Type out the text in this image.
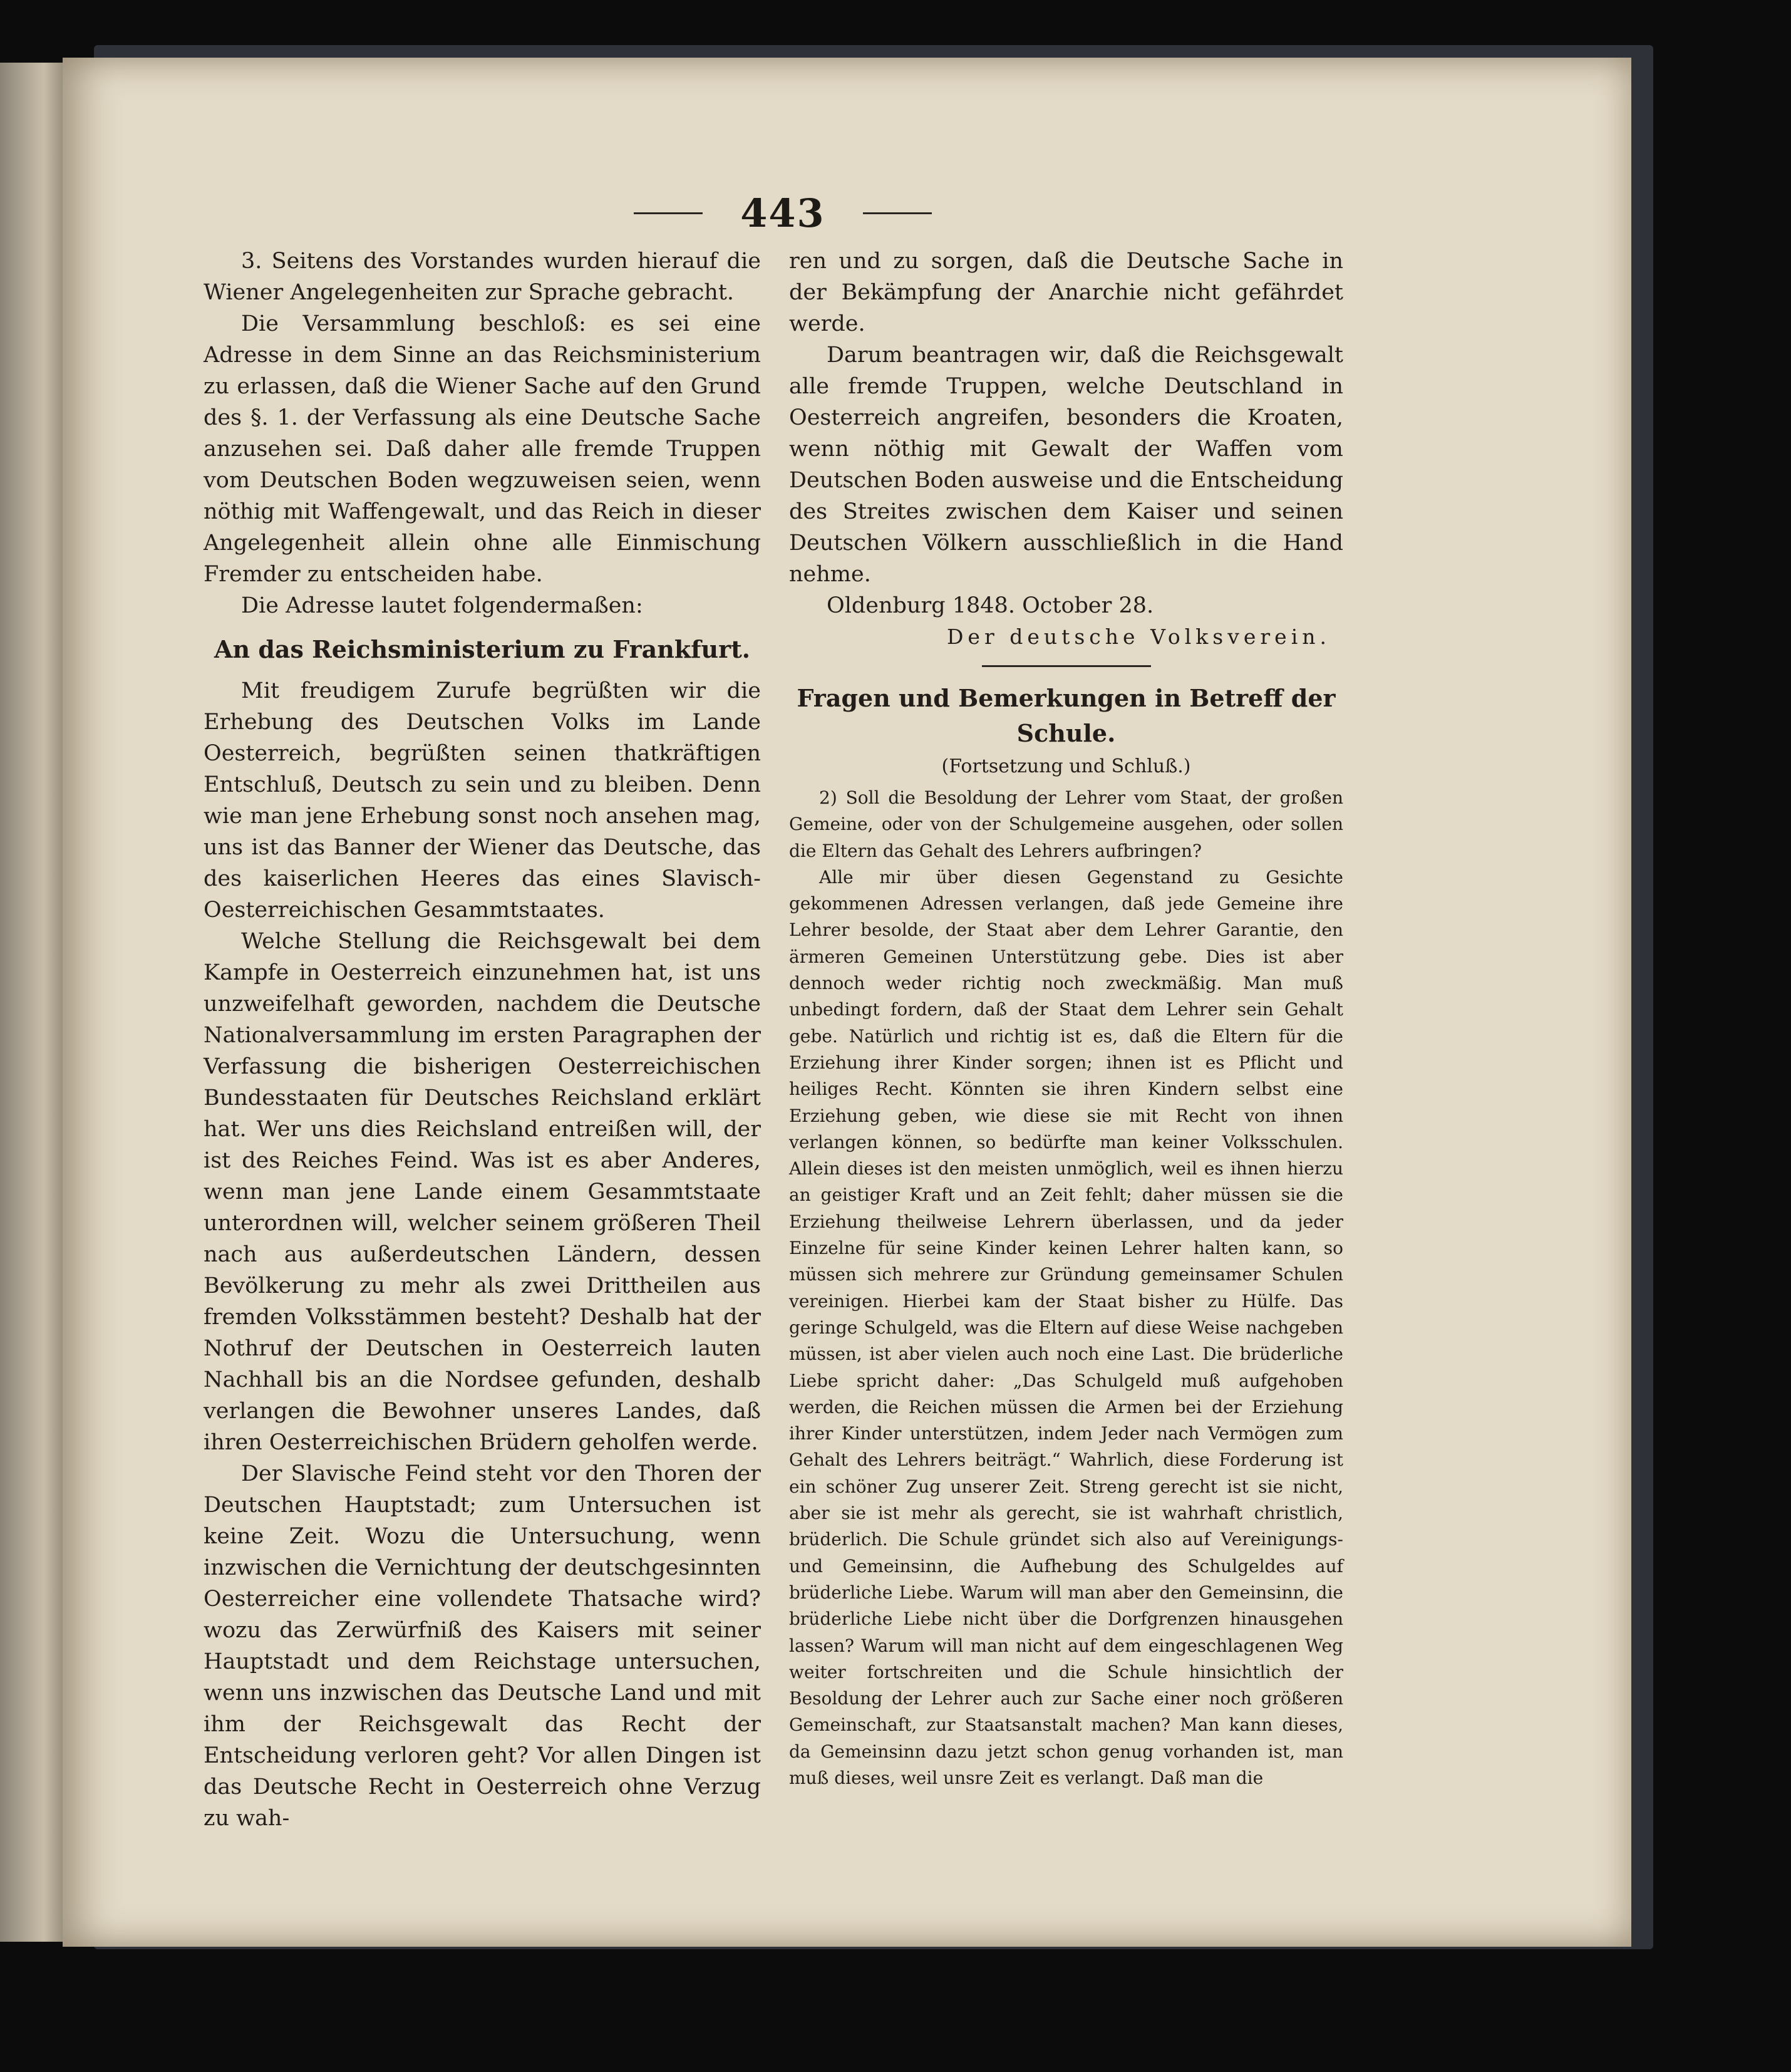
443

3. Seitens des Vorstandes wurden hierauf die Wiener Angelegenheiten zur Sprache gebracht.

Die Versammlung beschloß: es sei eine Adresse in dem Sinne an das Reichsministerium zu erlassen, daß die Wiener Sache auf den Grund des §. 1. der Verfassung als eine Deutsche Sache anzusehen sei. Daß daher alle fremde Truppen vom Deutschen Boden wegzuweisen seien, wenn nöthig mit Waffengewalt, und das Reich in dieser Angelegenheit allein ohne alle Einmischung Fremder zu entscheiden habe.

Die Adresse lautet folgendermaßen:

An das Reichsministerium zu Frankfurt.

Mit freudigem Zurufe begrüßten wir die Erhebung des Deutschen Volks im Lande Oesterreich, begrüßten seinen thatkräftigen Entschluß, Deutsch zu sein und zu bleiben. Denn wie man jene Erhebung sonst noch ansehen mag, uns ist das Banner der Wiener das Deutsche, das des kaiserlichen Heeres das eines Slavisch-Oesterreichischen Gesammtstaates.

Welche Stellung die Reichsgewalt bei dem Kampfe in Oesterreich einzunehmen hat, ist uns unzweifelhaft geworden, nachdem die Deutsche Nationalversammlung im ersten Paragraphen der Verfassung die bisherigen Oesterreichischen Bundesstaaten für Deutsches Reichsland erklärt hat. Wer uns dies Reichsland entreißen will, der ist des Reiches Feind. Was ist es aber Anderes, wenn man jene Lande einem Gesammtstaate unterordnen will, welcher seinem größeren Theil nach aus außerdeutschen Ländern, dessen Bevölkerung zu mehr als zwei Drittheilen aus fremden Volksstämmen besteht? Deshalb hat der Nothruf der Deutschen in Oesterreich lauten Nachhall bis an die Nordsee gefunden, deshalb verlangen die Bewohner unseres Landes, daß ihren Oesterreichischen Brüdern geholfen werde.

Der Slavische Feind steht vor den Thoren der Deutschen Hauptstadt; zum Untersuchen ist keine Zeit. Wozu die Untersuchung, wenn inzwischen die Vernichtung der deutschgesinnten Oesterreicher eine vollendete Thatsache wird? wozu das Zerwürfniß des Kaisers mit seiner Hauptstadt und dem Reichstage untersuchen, wenn uns inzwischen das Deutsche Land und mit ihm der Reichsgewalt das Recht der Entscheidung verloren geht? Vor allen Dingen ist das Deutsche Recht in Oesterreich ohne Verzug zu wah-

ren und zu sorgen, daß die Deutsche Sache in der Bekämpfung der Anarchie nicht gefährdet werde.

Darum beantragen wir, daß die Reichsgewalt alle fremde Truppen, welche Deutschland in Oesterreich angreifen, besonders die Kroaten, wenn nöthig mit Gewalt der Waffen vom Deutschen Boden ausweise und die Entscheidung des Streites zwischen dem Kaiser und seinen Deutschen Völkern ausschließlich in die Hand nehme.

Oldenburg 1848. October 28.

Der deutsche Volksverein.

Fragen und Bemerkungen in Betreff der Schule.

(Fortsetzung und Schluß.)

2) Soll die Besoldung der Lehrer vom Staat, der großen Gemeine, oder von der Schulgemeine ausgehen, oder sollen die Eltern das Gehalt des Lehrers aufbringen?

Alle mir über diesen Gegenstand zu Gesichte gekommenen Adressen verlangen, daß jede Gemeine ihre Lehrer besolde, der Staat aber dem Lehrer Garantie, den ärmeren Gemeinen Unterstützung gebe. Dies ist aber dennoch weder richtig noch zweckmäßig. Man muß unbedingt fordern, daß der Staat dem Lehrer sein Gehalt gebe. Natürlich und richtig ist es, daß die Eltern für die Erziehung ihrer Kinder sorgen; ihnen ist es Pflicht und heiliges Recht. Könnten sie ihren Kindern selbst eine Erziehung geben, wie diese sie mit Recht von ihnen verlangen können, so bedürfte man keiner Volksschulen. Allein dieses ist den meisten unmöglich, weil es ihnen hierzu an geistiger Kraft und an Zeit fehlt; daher müssen sie die Erziehung theilweise Lehrern überlassen, und da jeder Einzelne für seine Kinder keinen Lehrer halten kann, so müssen sich mehrere zur Gründung gemeinsamer Schulen vereinigen. Hierbei kam der Staat bisher zu Hülfe. Das geringe Schulgeld, was die Eltern auf diese Weise nachgeben müssen, ist aber vielen auch noch eine Last. Die brüderliche Liebe spricht daher: „Das Schulgeld muß aufgehoben werden, die Reichen müssen die Armen bei der Erziehung ihrer Kinder unterstützen, indem Jeder nach Vermögen zum Gehalt des Lehrers beiträgt.“ Wahrlich, diese Forderung ist ein schöner Zug unserer Zeit. Streng gerecht ist sie nicht, aber sie ist mehr als gerecht, sie ist wahrhaft christlich, brüderlich. Die Schule gründet sich also auf Vereinigungs- und Gemeinsinn, die Aufhebung des Schulgeldes auf brüderliche Liebe. Warum will man aber den Gemeinsinn, die brüderliche Liebe nicht über die Dorfgrenzen hinausgehen lassen? Warum will man nicht auf dem eingeschlagenen Weg weiter fortschreiten und die Schule hinsichtlich der Besoldung der Lehrer auch zur Sache einer noch größeren Gemeinschaft, zur Staatsanstalt machen? Man kann dieses, da Gemeinsinn dazu jetzt schon genug vorhanden ist, man muß dieses, weil unsre Zeit es verlangt. Daß man die
